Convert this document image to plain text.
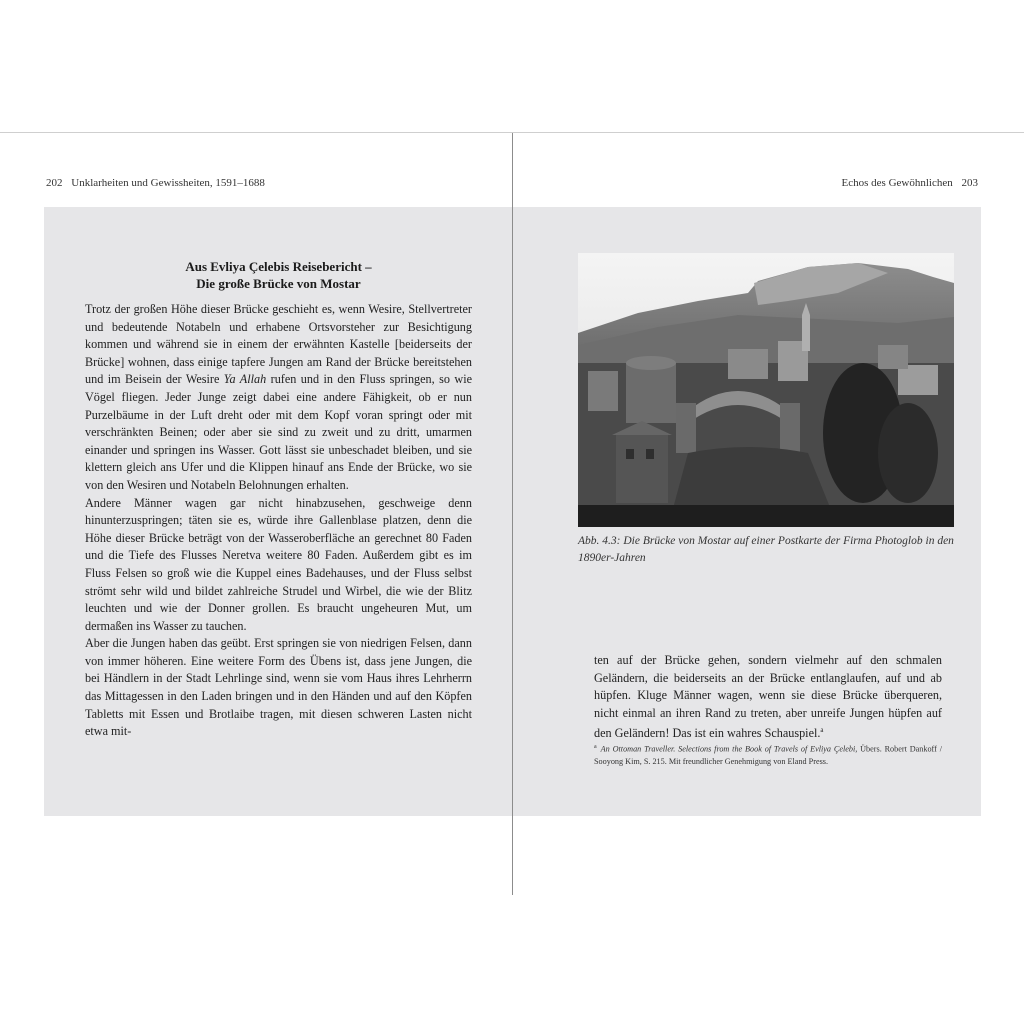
202 Unklarheiten und Gewissheiten, 1591–1688	Echos des Gewöhnlichen 203
Aus Evliya Çelebis Reisebericht –
Die große Brücke von Mostar

Trotz der großen Höhe dieser Brücke geschieht es, wenn Wesire, Stellvertreter und bedeutende Notabeln und erhabene Ortsvorsteher zur Besichtigung kommen und während sie in einem der erwähnten Kastelle [beiderseits der Brücke] wohnen, dass einige tapfere Jungen am Rand der Brücke bereitstehen und im Beisein der Wesire Ya Allah rufen und in den Fluss springen, so wie Vögel fliegen. Jeder Junge zeigt dabei eine andere Fähigkeit, ob er nun Purzelbäume in der Luft dreht oder mit dem Kopf voran springt oder mit verschränkten Beinen; oder aber sie sind zu zweit und zu dritt, umarmen einander und springen ins Wasser. Gott lässt sie unbeschadet bleiben, und sie klettern gleich ans Ufer und die Klippen hinauf ans Ende der Brücke, wo sie von den Wesiren und Notabeln Belohnungen erhalten.

Andere Männer wagen gar nicht hinabzusehen, geschweige denn hinunterzuspringen; täten sie es, würde ihre Gallenblase platzen, denn die Höhe dieser Brücke beträgt von der Wasseroberfläche an gerechnet 80 Faden und die Tiefe des Flusses Neretva weitere 80 Faden. Außerdem gibt es im Fluss Felsen so groß wie die Kuppel eines Badehauses, und der Fluss selbst strömt sehr wild und bildet zahlreiche Strudel und Wirbel, die wie der Blitz leuchten und wie der Donner grollen. Es braucht ungeheuren Mut, um dermaßen ins Wasser zu tauchen.

Aber die Jungen haben das geübt. Erst springen sie von niedrigen Felsen, dann von immer höheren. Eine weitere Form des Übens ist, dass jene Jungen, die bei Händlern in der Stadt Lehrlinge sind, wenn sie vom Haus ihres Lehrherrn das Mittagessen in den Laden bringen und in den Händen und auf den Köpfen Tabletts mit Essen und Brotlaibe tragen, mit diesen schweren Lasten nicht etwa mit-

Abb. 4.3: Die Brücke von Mostar auf einer Postkarte der Firma Photoglob in den 1890er-Jahren
ten auf der Brücke gehen, sondern vielmehr auf den schmalen Geländern, die beiderseits an der Brücke entlanglaufen, auf und ab hüpfen. Kluge Männer wagen, wenn sie diese Brücke überqueren, nicht einmal an ihren Rand zu treten, aber unreife Jungen hüpfen auf den Geländern! Das ist ein wahres Schauspiel.$^a$
$^a$ An Ottoman Traveller. Selections from the Book of Travels of Evliya Çelebi, Übers. Robert Dankoff / Sooyong Kim, S. 215. Mit freundlicher Genehmigung von Eland Press.
